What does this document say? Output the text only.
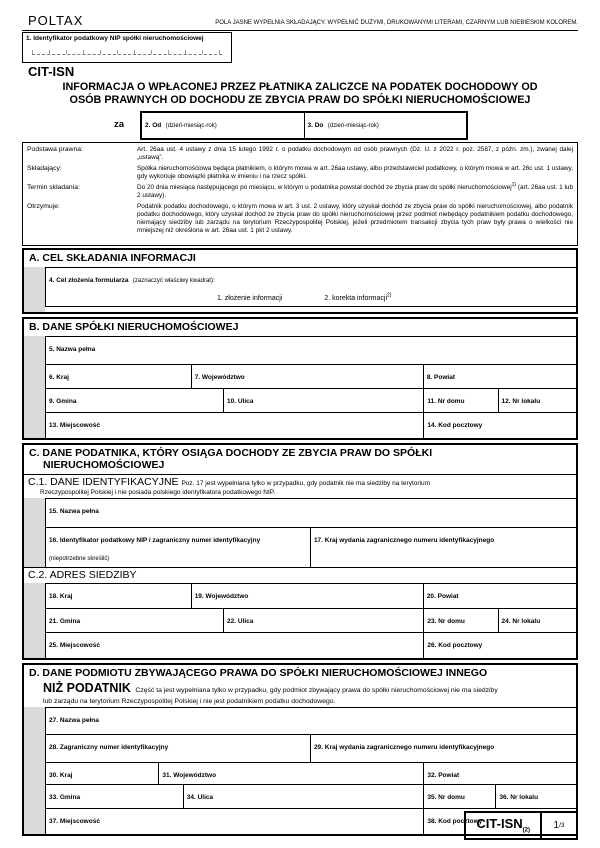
POLTAX	POLA JASNE WYPEŁNIA SKŁADAJĄCY. WYPEŁNIĆ DUŻYMI, DRUKOWANYMI LITERAMI, CZARNYM LUB NIEBIESKIM KOLOREM.
1. Identyfikator podatkowy NIP spółki nieruchomościowej
CIT-ISN
INFORMACJA O WPŁACONEJ PRZEZ PŁATNIKA ZALICZCE NA PODATEK DOCHODOWY OD
OSÓB PRAWNYCH OD DOCHODU ZE ZBYCIA PRAW DO SPÓŁKI NIERUCHOMOŚCIOWEJ
za	2. Od (dzień-miesiąc-rok)	3. Do (dzień-miesiąc-rok)
Podstawa prawna:	Art. 26aa ust. 4 ustawy z dnia 15 lutego 1992 r. o podatku dochodowym od osób prawnych (Dz. U. z 2022 r. poz. 2587, z późn. zm.), zwanej dalej „ustawą”.
Składający:	Spółka nieruchomościowa będąca płatnikiem, o którym mowa w art. 26aa ustawy, albo przedstawiciel podatkowy, o którym mowa w art. 26c ust. 1 ustawy, gdy wykonuje obowiązki płatnika w imieniu i na rzecz spółki.
Termin składania:	Do 20 dnia miesiąca następującego po miesiącu, w którym u podatnika powstał dochód ze zbycia praw do spółki nieruchomościowej$^{1)}$ (art. 26aa ust. 1 lub 2 ustawy).
Otrzymuje:	Podatnik podatku dochodowego, o którym mowa w art. 3 ust. 2 ustawy, który uzyskał dochód ze zbycia praw do spółki nieruchomościowej, albo podatnik podatku dochodowego, który uzyskał dochód ze zbycia praw do spółki nieruchomościowej przez podmiot niebędący podatnikiem podatku dochodowego, niemający siedziby lub zarządu na terytorium Rzeczypospolitej Polskiej, jeżeli przedmiotem transakcji zbycia tych praw były prawa o wielkości nie mniejszej niż określona w art. 26aa ust. 1 pkt 2 ustawy.
A. CEL SKŁADANIA INFORMACJI
4. Cel złożenia formularza (zaznaczyć właściwy kwadrat):
1. złożenie informacji	2. korekta informacji$^{2)}$
B. DANE SPÓŁKI NIERUCHOMOŚCIOWEJ
5. Nazwa pełna
6. Kraj	7. Województwo	8. Powiat
9. Gmina	10. Ulica	11. Nr domu	12. Nr lokalu
13. Miejscowość	14. Kod pocztowy
C. DANE PODATNIKA, KTÓRY OSIĄGA DOCHODY ZE ZBYCIA PRAW DO SPÓŁKI
NIERUCHOMOŚCIOWEJ
C.1. DANE IDENTYFIKACYJNE Poz. 17 jest wypełniana tylko w przypadku, gdy podatnik nie ma siedziby na terytorium
Rzeczypospolitej Polskiej i nie posiada polskiego identyfikatora podatkowego NIP.
15. Nazwa pełna
16. Identyfikator podatkowy NIP / zagraniczny numer identyfikacyjny
(niepotrzebne skreślić)
17. Kraj wydania zagranicznego numeru identyfikacyjnego
C.2. ADRES SIEDZIBY
18. Kraj	19. Województwo	20. Powiat
21. Gmina	22. Ulica	23. Nr domu	24. Nr lokalu
25. Miejscowość	26. Kod pocztowy
D. DANE PODMIOTU ZBYWAJĄCEGO PRAWA DO SPÓŁKI NIERUCHOMOŚCIOWEJ INNEGO
NIŻ PODATNIK Część ta jest wypełniana tylko w przypadku, gdy podmiot zbywający prawa do spółki nieruchomościowej nie ma siedziby
lub zarządu na terytorium Rzeczypospolitej Polskiej i nie jest podatnikiem podatku dochodowego.
27. Nazwa pełna
28. Zagraniczny numer identyfikacyjny	29. Kraj wydania zagranicznego numeru identyfikacyjnego
30. Kraj	31. Województwo	32. Powiat
33. Gmina	34. Ulica	35. Nr domu	36. Nr lokalu
37. Miejscowość	38. Kod pocztowy
CIT-$ISN_{(2)}$	1 /3
